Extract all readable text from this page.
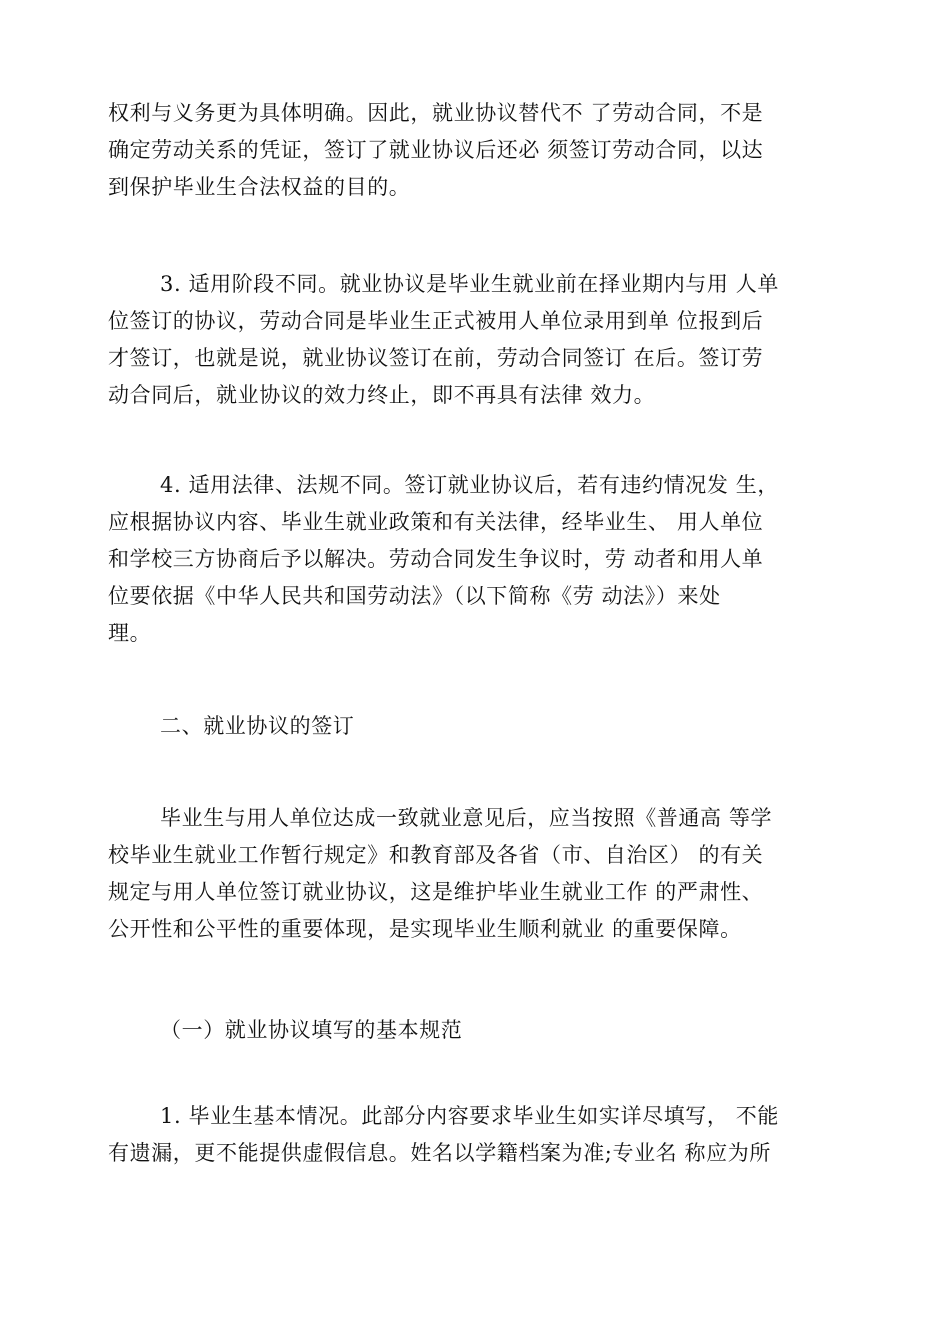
权利与义务更为具体明确。因此，就业协议替代不 了劳动合同，不是
确定劳动关系的凭证，签订了就业协议后还必 须签订劳动合同，以达
到保护毕业生合法权益的目的。
3. 适用阶段不同。就业协议是毕业生就业前在择业期内与用 人单
位签订的协议，劳动合同是毕业生正式被用人单位录用到单 位报到后
才签订，也就是说，就业协议签订在前，劳动合同签订 在后。签订劳
动合同后，就业协议的效力终止，即不再具有法律 效力。
4. 适用法律、法规不同。签订就业协议后，若有违约情况发 生，
应根据协议内容、毕业生就业政策和有关法律，经毕业生、 用人单位
和学校三方协商后予以解决。劳动合同发生争议时，劳 动者和用人单
位要依据《中华人民共和国劳动法》（以下简称《劳 动法》）来处
理。
二、就业协议的签订
毕业生与用人单位达成一致就业意见后，应当按照《普通高 等学
校毕业生就业工作暂行规定》和教育部及各省（市、自治区） 的有关
规定与用人单位签订就业协议，这是维护毕业生就业工作 的严肃性、
公开性和公平性的重要体现，是实现毕业生顺利就业 的重要保障。
（一）就业协议填写的基本规范
1. 毕业生基本情况。此部分内容要求毕业生如实详尽填写， 不能
有遗漏，更不能提供虚假信息。姓名以学籍档案为准;专业名 称应为所
